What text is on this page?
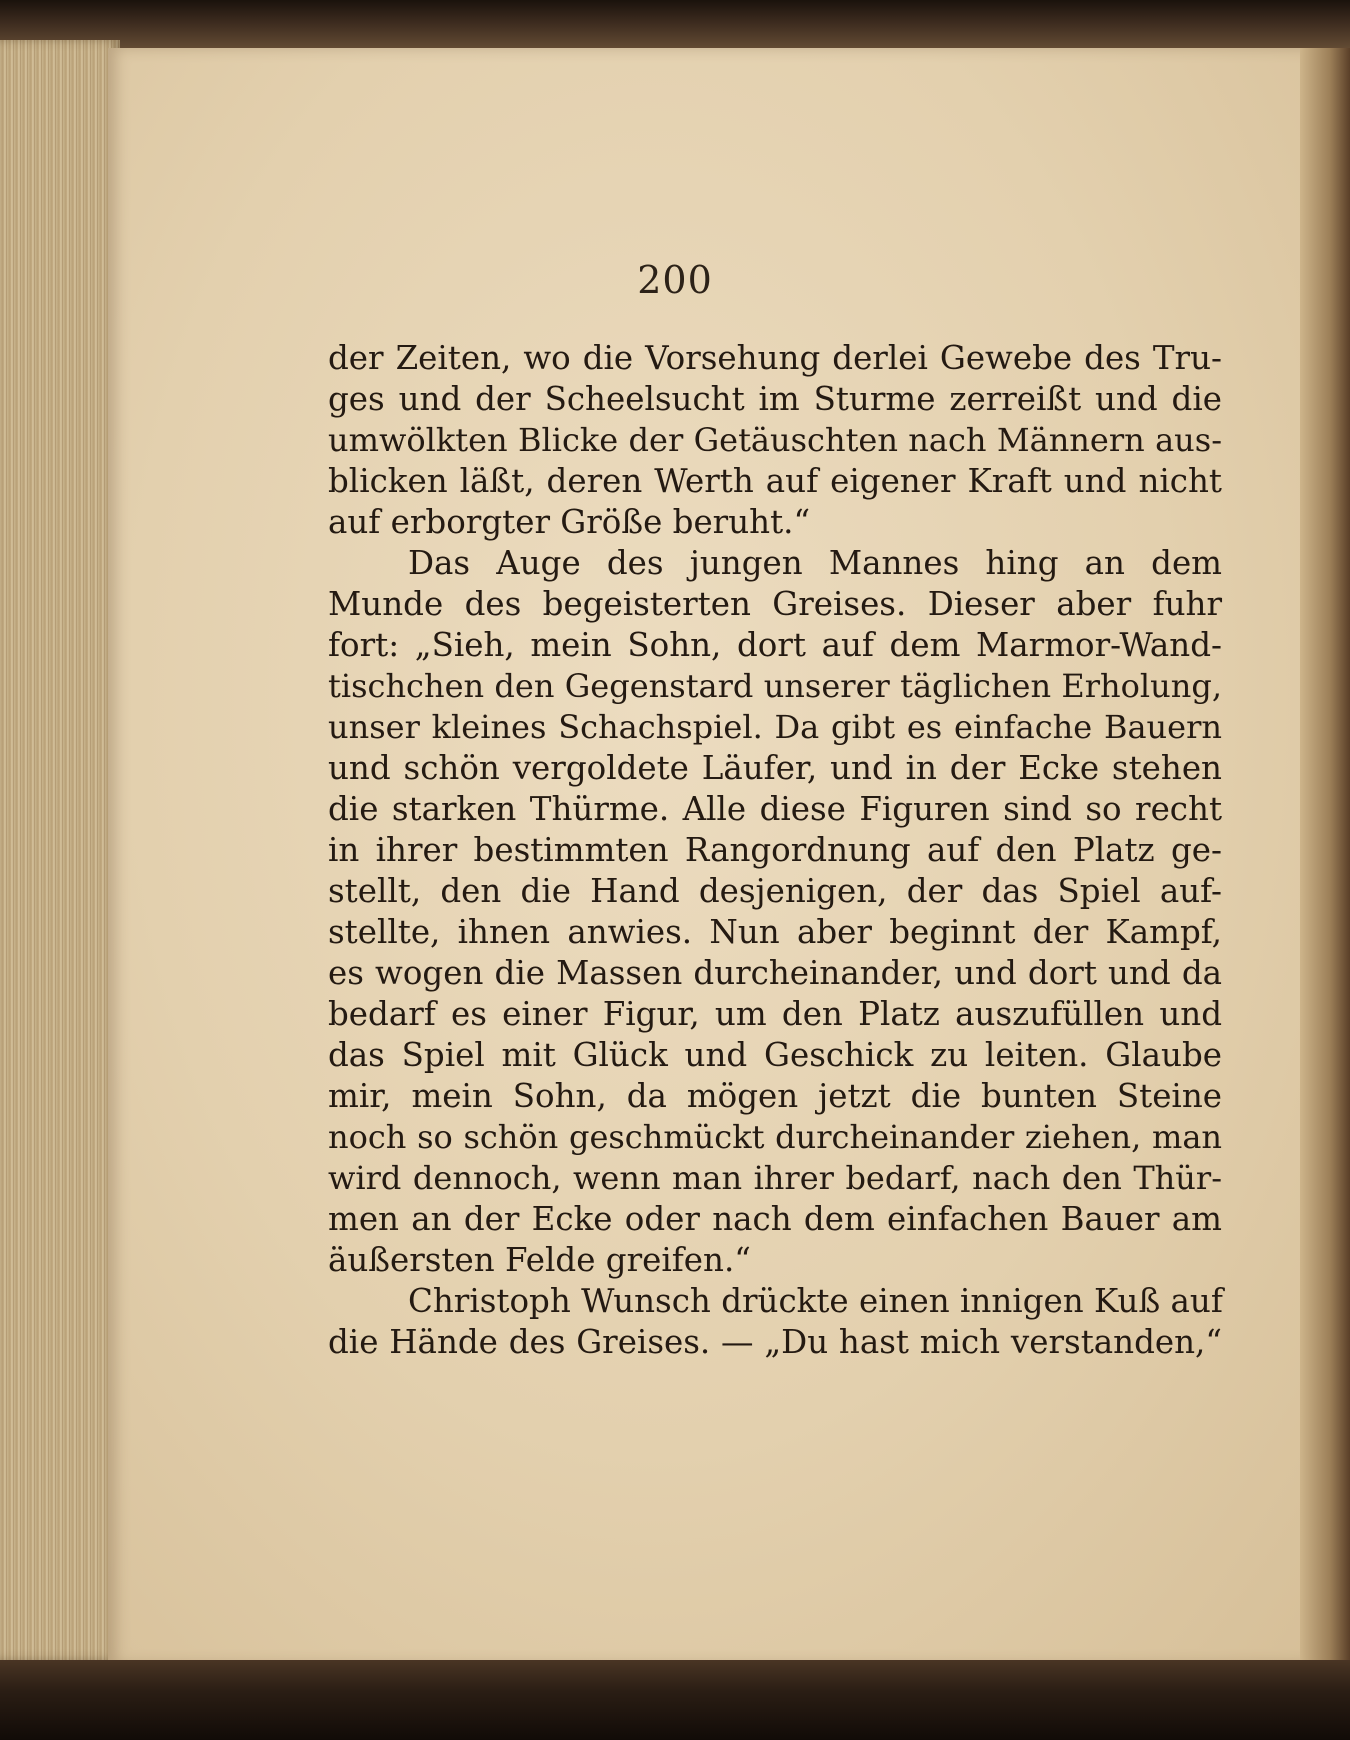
200
der Zeiten, wo die Vorsehung derlei Gewebe des Tru-
ges und der Scheelsucht im Sturme zerreißt und die
umwölkten Blicke der Getäuschten nach Männern aus-
blicken läßt, deren Werth auf eigener Kraft und nicht
auf erborgter Größe beruht.“
Das Auge des jungen Mannes hing an dem
Munde des begeisterten Greises. Dieser aber fuhr
fort: „Sieh, mein Sohn, dort auf dem Marmor-Wand-
tischchen den Gegenstard unserer täglichen Erholung,
unser kleines Schachspiel. Da gibt es einfache Bauern
und schön vergoldete Läufer, und in der Ecke stehen
die starken Thürme. Alle diese Figuren sind so recht
in ihrer bestimmten Rangordnung auf den Platz ge-
stellt, den die Hand desjenigen, der das Spiel auf-
stellte, ihnen anwies. Nun aber beginnt der Kampf,
es wogen die Massen durcheinander, und dort und da
bedarf es einer Figur, um den Platz auszufüllen und
das Spiel mit Glück und Geschick zu leiten. Glaube
mir, mein Sohn, da mögen jetzt die bunten Steine
noch so schön geschmückt durcheinander ziehen, man
wird dennoch, wenn man ihrer bedarf, nach den Thür-
men an der Ecke oder nach dem einfachen Bauer am
äußersten Felde greifen.“
Christoph Wunsch drückte einen innigen Kuß auf
die Hände des Greises. — „Du hast mich verstanden,“
